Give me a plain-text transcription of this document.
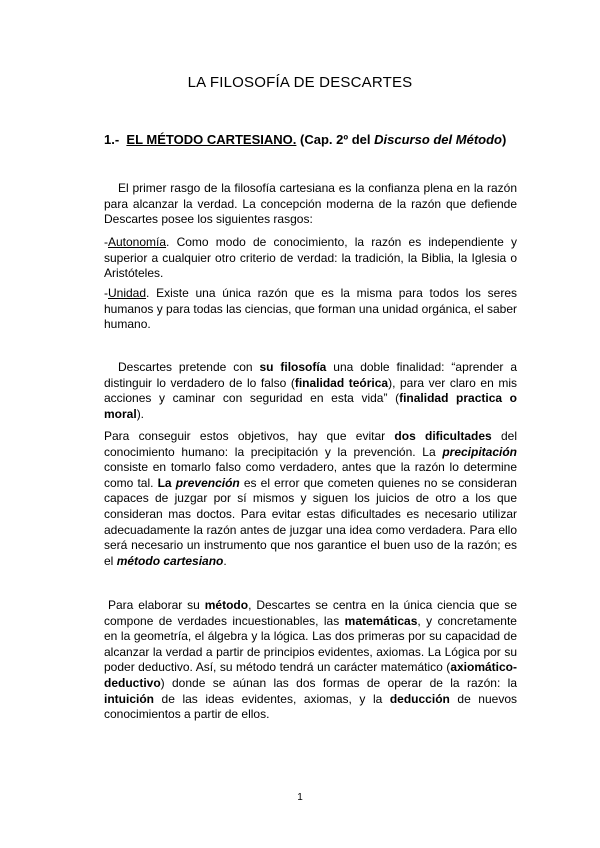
LA FILOSOFÍA DE DESCARTES
1.- EL MÉTODO CARTESIANO. (Cap. 2º del Discurso del Método)

El primer rasgo de la filosofía cartesiana es la confianza plena en la razón para alcanzar la verdad. La concepción moderna de la razón que defiende Descartes posee los siguientes rasgos:

-Autonomía. Como modo de conocimiento, la razón es independiente y superior a cualquier otro criterio de verdad: la tradición, la Biblia, la Iglesia o Aristóteles.

-Unidad. Existe una única razón que es la misma para todos los seres humanos y para todas las ciencias, que forman una unidad orgánica, el saber humano.

Descartes pretende con su filosofía una doble finalidad: “aprender a distinguir lo verdadero de lo falso (finalidad teórica), para ver claro en mis acciones y caminar con seguridad en esta vida” (finalidad practica o moral).

Para conseguir estos objetivos, hay que evitar dos dificultades del conocimiento humano: la precipitación y la prevención. La precipitación consiste en tomarlo falso como verdadero, antes que la razón lo determine como tal. La prevención es el error que cometen quienes no se consideran capaces de juzgar por sí mismos y siguen los juicios de otro a los que consideran mas doctos. Para evitar estas dificultades es necesario utilizar adecuadamente la razón antes de juzgar una idea como verdadera. Para ello será necesario un instrumento que nos garantice el buen uso de la razón; es el método cartesiano.

Para elaborar su método, Descartes se centra en la única ciencia que se compone de verdades incuestionables, las matemáticas, y concretamente en la geometría, el álgebra y la lógica. Las dos primeras por su capacidad de alcanzar la verdad a partir de principios evidentes, axiomas. La Lógica por su poder deductivo. Así, su método tendrá un carácter matemático (axiomático-deductivo) donde se aúnan las dos formas de operar de la razón: la intuición de las ideas evidentes, axiomas, y la deducción de nuevos conocimientos a partir de ellos.

1
